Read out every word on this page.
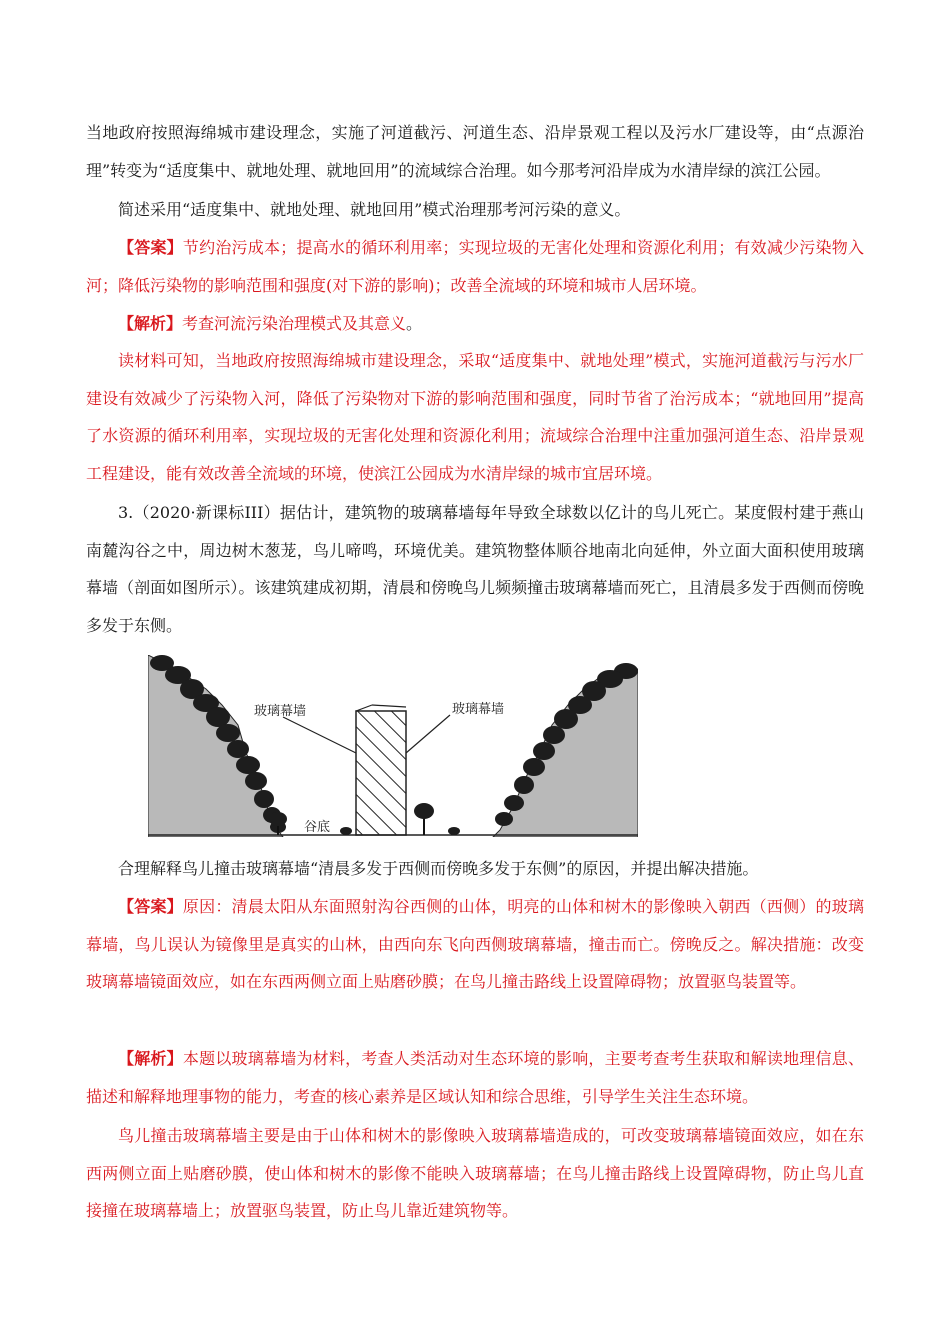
当地政府按照海绵城市建设理念，实施了河道截污、河道生态、沿岸景观工程以及污水厂建设等，由“点源治理”转变为“适度集中、就地处理、就地回用”的流域综合治理。如今那考河沿岸成为水清岸绿的滨江公园。

简述采用“适度集中、就地处理、就地回用”模式治理那考河污染的意义。

【答案】节约治污成本；提高水的循环利用率；实现垃圾的无害化处理和资源化利用；有效减少污染物入河；降低污染物的影响范围和强度(对下游的影响)；改善全流域的环境和城市人居环境。

【解析】考查河流污染治理模式及其意义。

读材料可知，当地政府按照海绵城市建设理念，采取“适度集中、就地处理”模式，实施河道截污与污水厂建设有效减少了污染物入河，降低了污染物对下游的影响范围和强度，同时节省了治污成本；“就地回用”提高了水资源的循环利用率，实现垃圾的无害化处理和资源化利用；流域综合治理中注重加强河道生态、沿岸景观工程建设，能有效改善全流域的环境，使滨江公园成为水清岸绿的城市宜居环境。

3.（2020·新课标III）据估计，建筑物的玻璃幕墙每年导致全球数以亿计的鸟儿死亡。某度假村建于燕山南麓沟谷之中，周边树木葱茏，鸟儿啼鸣，环境优美。建筑物整体顺谷地南北向延伸，外立面大面积使用玻璃幕墙（剖面如图所示）。该建筑建成初期，清晨和傍晚鸟儿频频撞击玻璃幕墙而死亡，且清晨多发于西侧而傍晚多发于东侧。

玻璃幕墙	玻璃幕墙
谷底

合理解释鸟儿撞击玻璃幕墙“清晨多发于西侧而傍晚多发于东侧”的原因，并提出解决措施。

【答案】原因：清晨太阳从东面照射沟谷西侧的山体，明亮的山体和树木的影像映入朝西（西侧）的玻璃幕墙，鸟儿误认为镜像里是真实的山林，由西向东飞向西侧玻璃幕墙，撞击而亡。傍晚反之。解决措施：改变玻璃幕墙镜面效应，如在东西两侧立面上贴磨砂膜；在鸟儿撞击路线上设置障碍物；放置驱鸟装置等。

【解析】本题以玻璃幕墙为材料，考查人类活动对生态环境的影响，主要考查考生获取和解读地理信息、描述和解释地理事物的能力，考查的核心素养是区域认知和综合思维，引导学生关注生态环境。

鸟儿撞击玻璃幕墙主要是由于山体和树木的影像映入玻璃幕墙造成的，可改变玻璃幕墙镜面效应，如在东西两侧立面上贴磨砂膜，使山体和树木的影像不能映入玻璃幕墙；在鸟儿撞击路线上设置障碍物，防止鸟儿直接撞在玻璃幕墙上；放置驱鸟装置，防止鸟儿靠近建筑物等。
